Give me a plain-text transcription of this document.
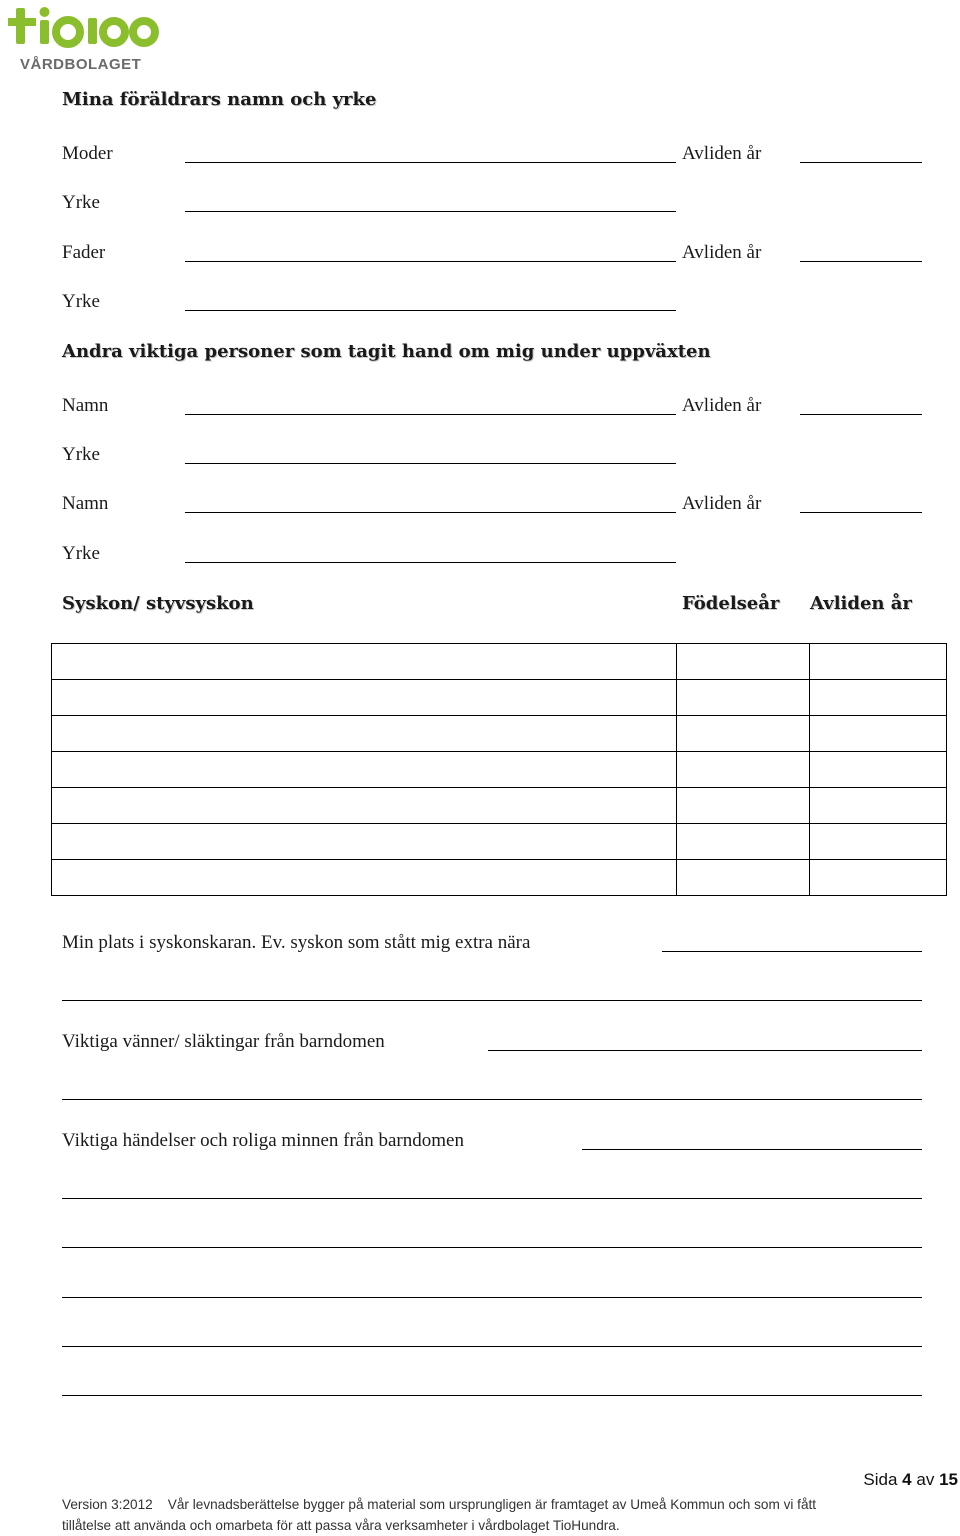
VÅRDBOLAGET
Mina föräldrars namn och yrke
Moder	Avliden år
Yrke
Fader	Avliden år
Yrke
Andra viktiga personer som tagit hand om mig under uppväxten
Namn	Avliden år
Yrke
Namn	Avliden år
Yrke
Syskon/ styvsyskon	Födelseår Avliden år

Min plats i syskonskaran. Ev. syskon som stått mig extra nära
Viktiga vänner/ släktingar från barndomen
Viktiga händelser och roliga minnen från barndomen
Sida 4 av 15
Version 3:2012    Vår levnadsberättelse bygger på material som ursprungligen är framtaget av Umeå Kommun och som vi fått
tillåtelse att använda och omarbeta för att passa våra verksamheter i vårdbolaget TioHundra.
